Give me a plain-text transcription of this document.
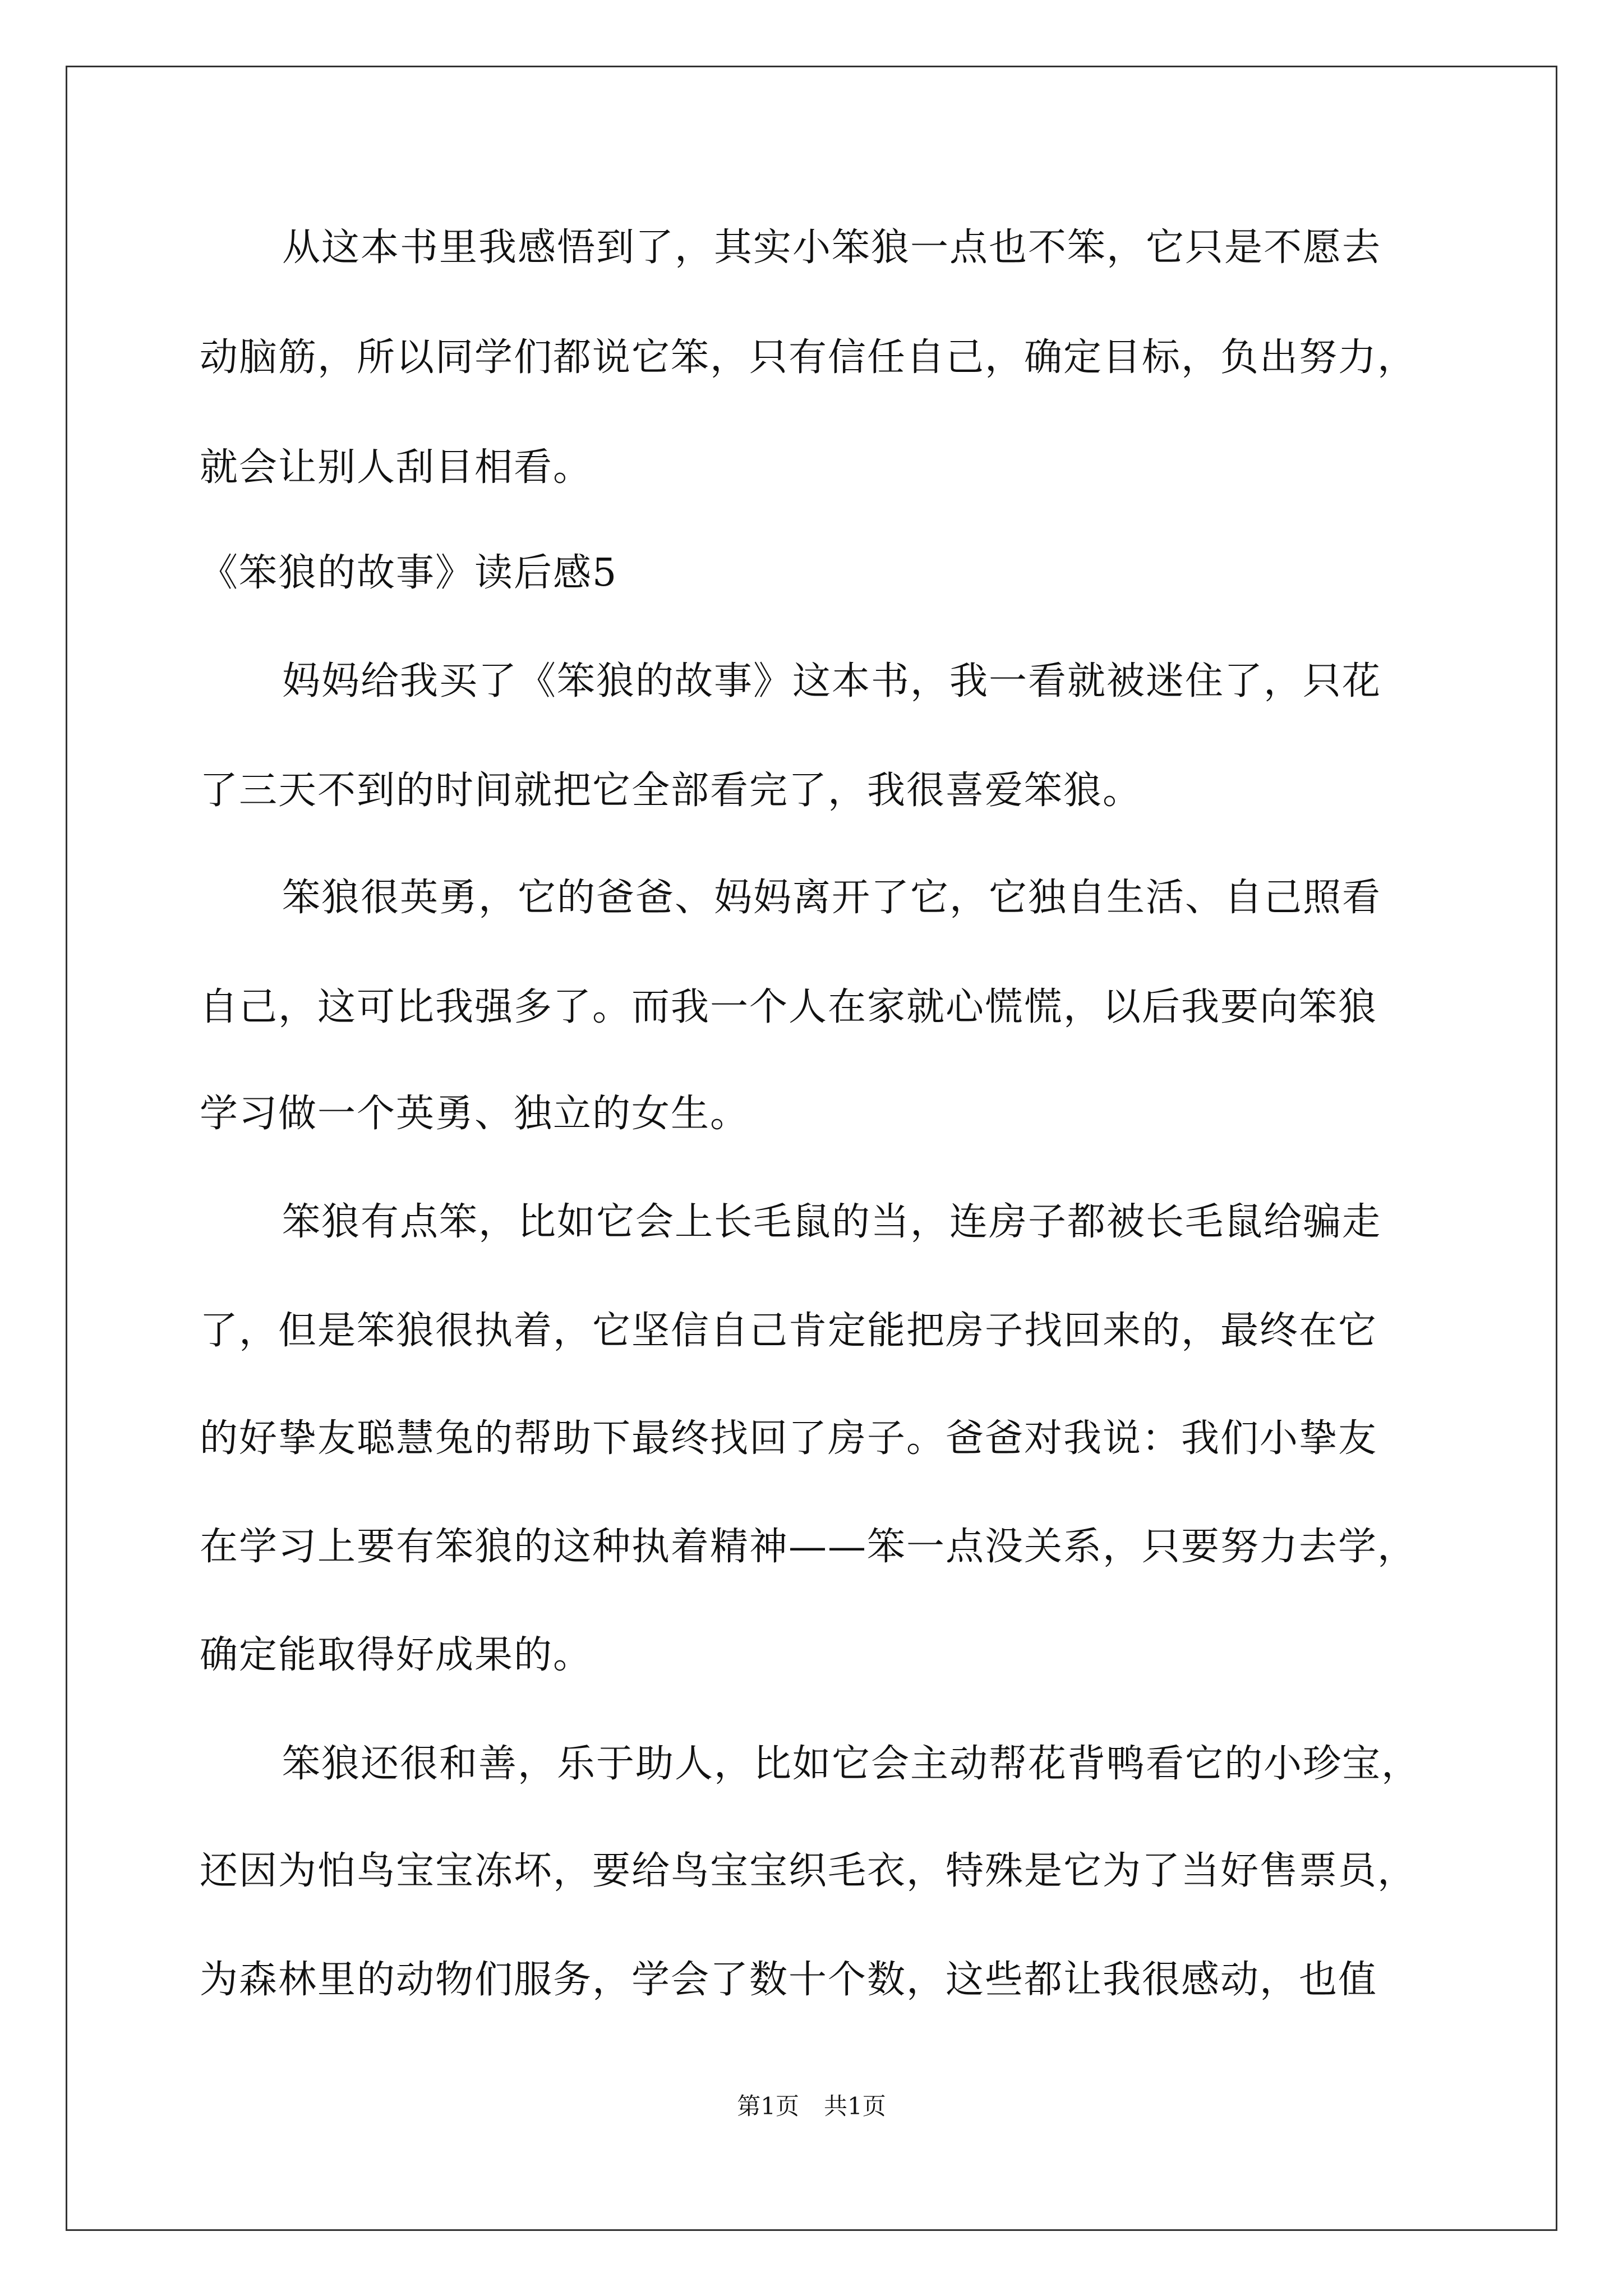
从这本书里我感悟到了，其实小笨狼一点也不笨，它只是不愿去
动脑筋，所以同学们都说它笨，只有信任自己，确定目标，负出努力，
就会让别人刮目相看。
《笨狼的故事》读后感5
妈妈给我买了《笨狼的故事》这本书，我一看就被迷住了，只花
了三天不到的时间就把它全部看完了，我很喜爱笨狼。
笨狼很英勇，它的爸爸、妈妈离开了它，它独自生活、自己照看
自己，这可比我强多了。而我一个人在家就心慌慌，以后我要向笨狼
学习做一个英勇、独立的女生。
笨狼有点笨，比如它会上长毛鼠的当，连房子都被长毛鼠给骗走
了，但是笨狼很执着，它坚信自己肯定能把房子找回来的，最终在它
的好挚友聪慧兔的帮助下最终找回了房子。爸爸对我说：我们小挚友
在学习上要有笨狼的这种执着精神——笨一点没关系，只要努力去学，
确定能取得好成果的。
笨狼还很和善，乐于助人，比如它会主动帮花背鸭看它的小珍宝，
还因为怕鸟宝宝冻坏，要给鸟宝宝织毛衣，特殊是它为了当好售票员，
为森林里的动物们服务，学会了数十个数，这些都让我很感动，也值
第1页 共1页
